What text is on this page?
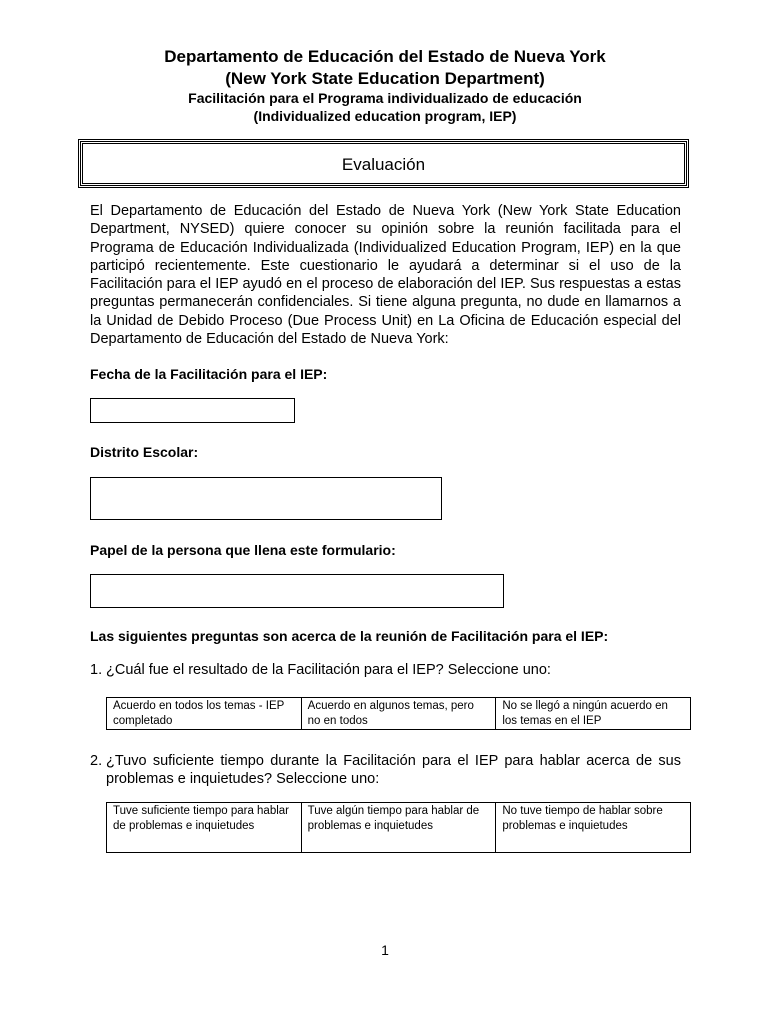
Departamento de Educación del Estado de Nueva York
(New York State Education Department)
Facilitación para el Programa individualizado de educación
(Individualized education program, IEP)
Evaluación

El Departamento de Educación del Estado de Nueva York (New York State Education Department, NYSED) quiere conocer su opinión sobre la reunión facilitada para el Programa de Educación Individualizada (Individualized Education Program, IEP) en la que participó recientemente. Este cuestionario le ayudará a determinar si el uso de la Facilitación para el IEP ayudó en el proceso de elaboración del IEP. Sus respuestas a estas preguntas permanecerán confidenciales. Si tiene alguna pregunta, no dude en llamarnos a la Unidad de Debido Proceso (Due Process Unit) en La Oficina de Educación especial del Departamento de Educación del Estado de Nueva York:

Fecha de la Facilitación para el IEP:
Distrito Escolar:
Papel de la persona que llena este formulario:
Las siguientes preguntas son acerca de la reunión de Facilitación para el IEP:
1. ¿Cuál fue el resultado de la Facilitación para el IEP? Seleccione uno:

Acuerdo en todos los temas - IEP completado	Acuerdo en algunos temas, pero no en todos	No se llegó a ningún acuerdo en los temas en el IEP
2. ¿Tuvo suficiente tiempo durante la Facilitación para el IEP para hablar acerca de sus problemas e inquietudes? Seleccione uno:

Tuve suficiente tiempo para hablar de problemas e inquietudes	Tuve algún tiempo para hablar de problemas e inquietudes	No tuve tiempo de hablar sobre problemas e inquietudes
1
